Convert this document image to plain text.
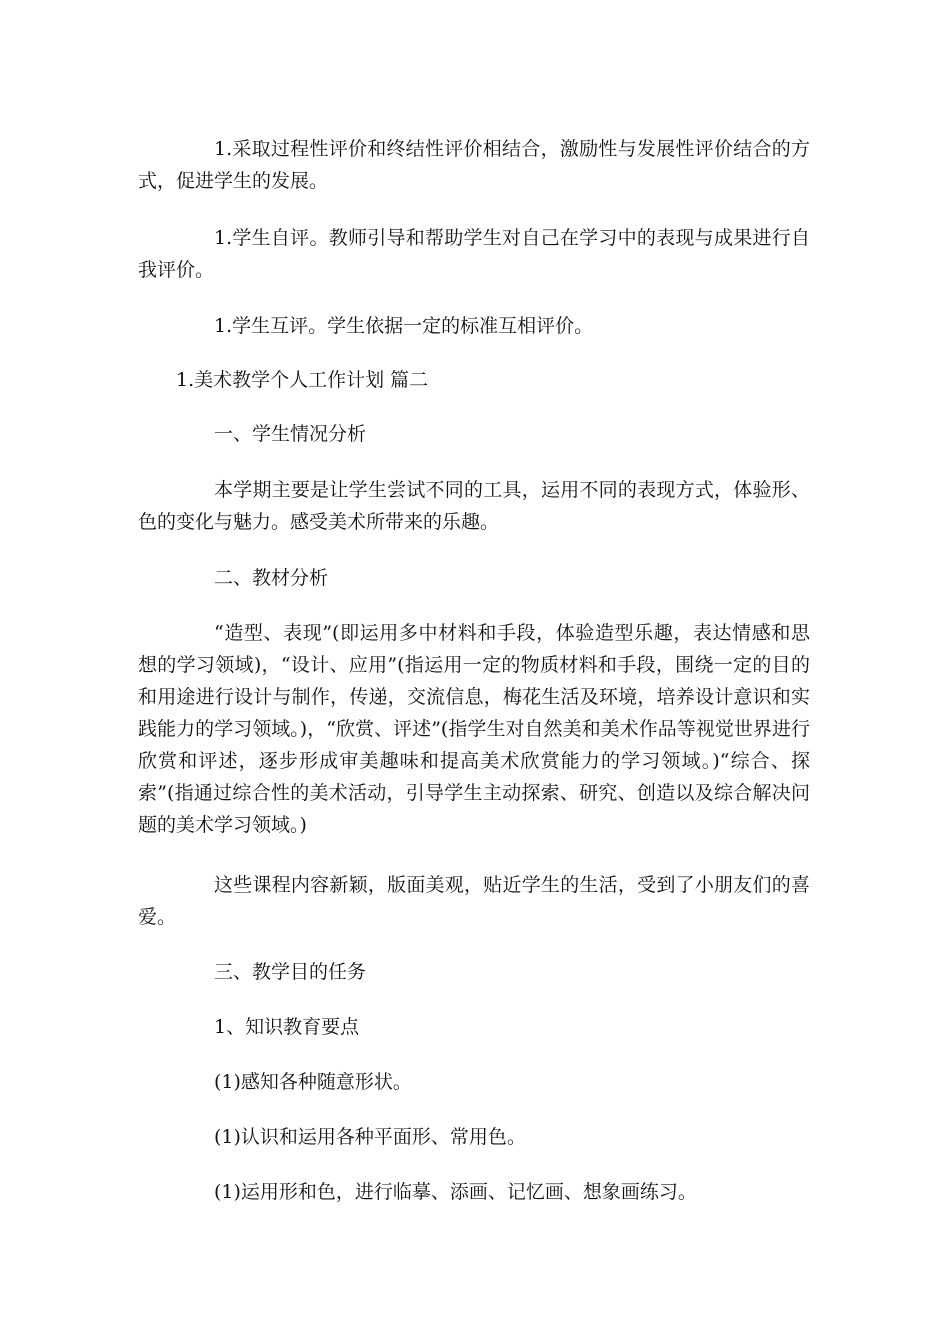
1.采取过程性评价和终结性评价相结合，激励性与发展性评价结合的方式，促进学生的发展。

1.学生自评。教师引导和帮助学生对自己在学习中的表现与成果进行自我评价。

1.学生互评。学生依据一定的标准互相评价。

1.美术教学个人工作计划 篇二

一、学生情况分析

本学期主要是让学生尝试不同的工具，运用不同的表现方式，体验形、色的变化与魅力。感受美术所带来的乐趣。

二、教材分析

“造型、表现”(即运用多中材料和手段，体验造型乐趣，表达情感和思想的学习领域)，“设计、应用”(指运用一定的物质材料和手段，围绕一定的目的和用途进行设计与制作，传递，交流信息，梅花生活及环境，培养设计意识和实践能力的学习领域。)，“欣赏、评述”(指学生对自然美和美术作品等视觉世界进行欣赏和评述，逐步形成审美趣味和提高美术欣赏能力的学习领域。)“综合、探索”(指通过综合性的美术活动，引导学生主动探索、研究、创造以及综合解决问题的美术学习领域。)

这些课程内容新颖，版面美观，贴近学生的生活，受到了小朋友们的喜爱。

三、教学目的任务

1、知识教育要点

(1)感知各种随意形状。

(1)认识和运用各种平面形、常用色。

(1)运用形和色，进行临摹、添画、记忆画、想象画练习。
